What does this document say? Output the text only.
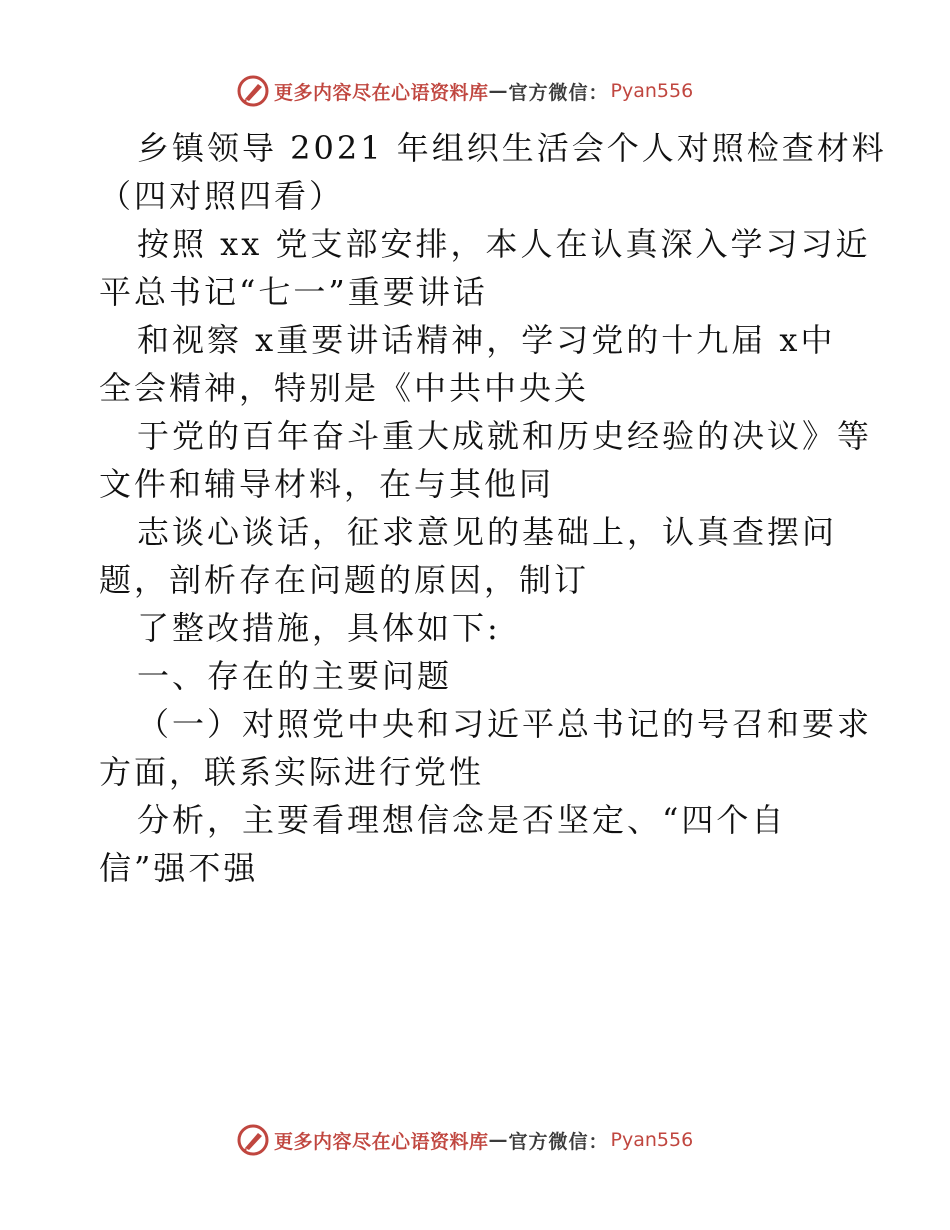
更多内容尽在心语资料库 — 官方微信： Pyan556
乡镇领导 2021 年组织生活会个人对照检查材料
（四对照四看）
按照 xx 党支部安排，本人在认真深入学习习近
平总书记“七一”重要讲话
和视察 x重要讲话精神，学习党的十九届 x中
全会精神，特别是《中共中央关
于党的百年奋斗重大成就和历史经验的决议》等
文件和辅导材料，在与其他同
志谈心谈话，征求意见的基础上，认真查摆问
题，剖析存在问题的原因，制订
了整改措施，具体如下:
一、存在的主要问题
（一）对照党中央和习近平总书记的号召和要求
方面，联系实际进行党性
分析，主要看理想信念是否坚定、“四个自
信”强不强
更多内容尽在心语资料库 — 官方微信： Pyan556
